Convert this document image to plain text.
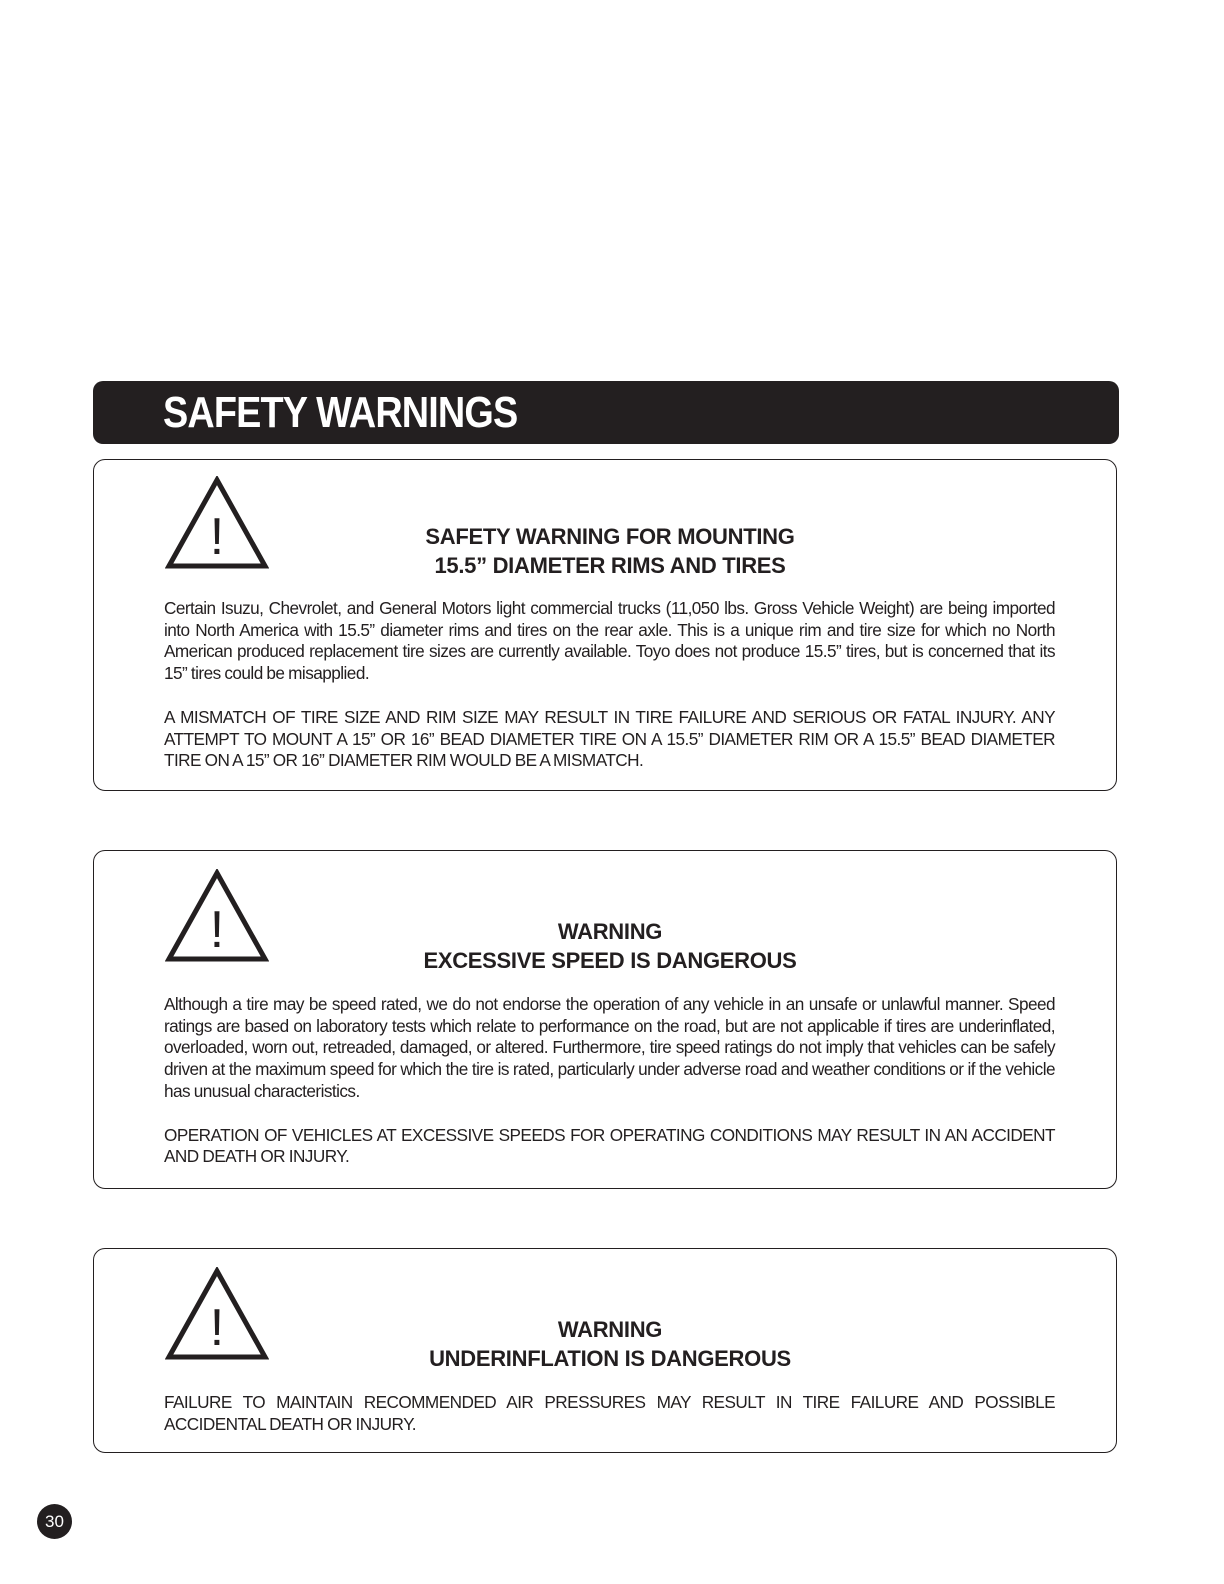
SAFETY WARNINGS
!	SAFETY WARNING FOR MOUNTING
15.5” DIAMETER RIMS AND TIRES

Certain Isuzu, Chevrolet, and General Motors light commercial trucks (11,050 lbs. Gross Vehicle Weight) are being imported into North America with 15.5” diameter rims and tires on the rear axle. This is a unique rim and tire size for which no North American produced replacement tire sizes are currently available. Toyo does not produce 15.5” tires, but is concerned that its 15” tires could be misapplied.

A MISMATCH OF TIRE SIZE AND RIM SIZE MAY RESULT IN TIRE FAILURE AND SERIOUS OR FATAL INJURY. ANY ATTEMPT TO MOUNT A 15” OR 16” BEAD DIAMETER TIRE ON A 15.5” DIAMETER RIM OR A 15.5” BEAD DIAMETER TIRE ON A 15” OR 16” DIAMETER RIM WOULD BE A MISMATCH.

!	WARNING
EXCESSIVE SPEED IS DANGEROUS

Although a tire may be speed rated, we do not endorse the operation of any vehicle in an unsafe or unlawful manner. Speed ratings are based on laboratory tests which relate to performance on the road, but are not applicable if tires are underinflated, overloaded, worn out, retreaded, damaged, or altered. Furthermore, tire speed ratings do not imply that vehicles can be safely driven at the maximum speed for which the tire is rated, particularly under adverse road and weather conditions or if the vehicle has unusual characteristics.

OPERATION OF VEHICLES AT EXCESSIVE SPEEDS FOR OPERATING CONDITIONS MAY RESULT IN AN ACCIDENT AND DEATH OR INJURY.

!	WARNING
UNDERINFLATION IS DANGEROUS

FAILURE TO MAINTAIN RECOMMENDED AIR PRESSURES MAY RESULT IN TIRE FAILURE AND POSSIBLE ACCIDENTAL DEATH OR INJURY.

30
